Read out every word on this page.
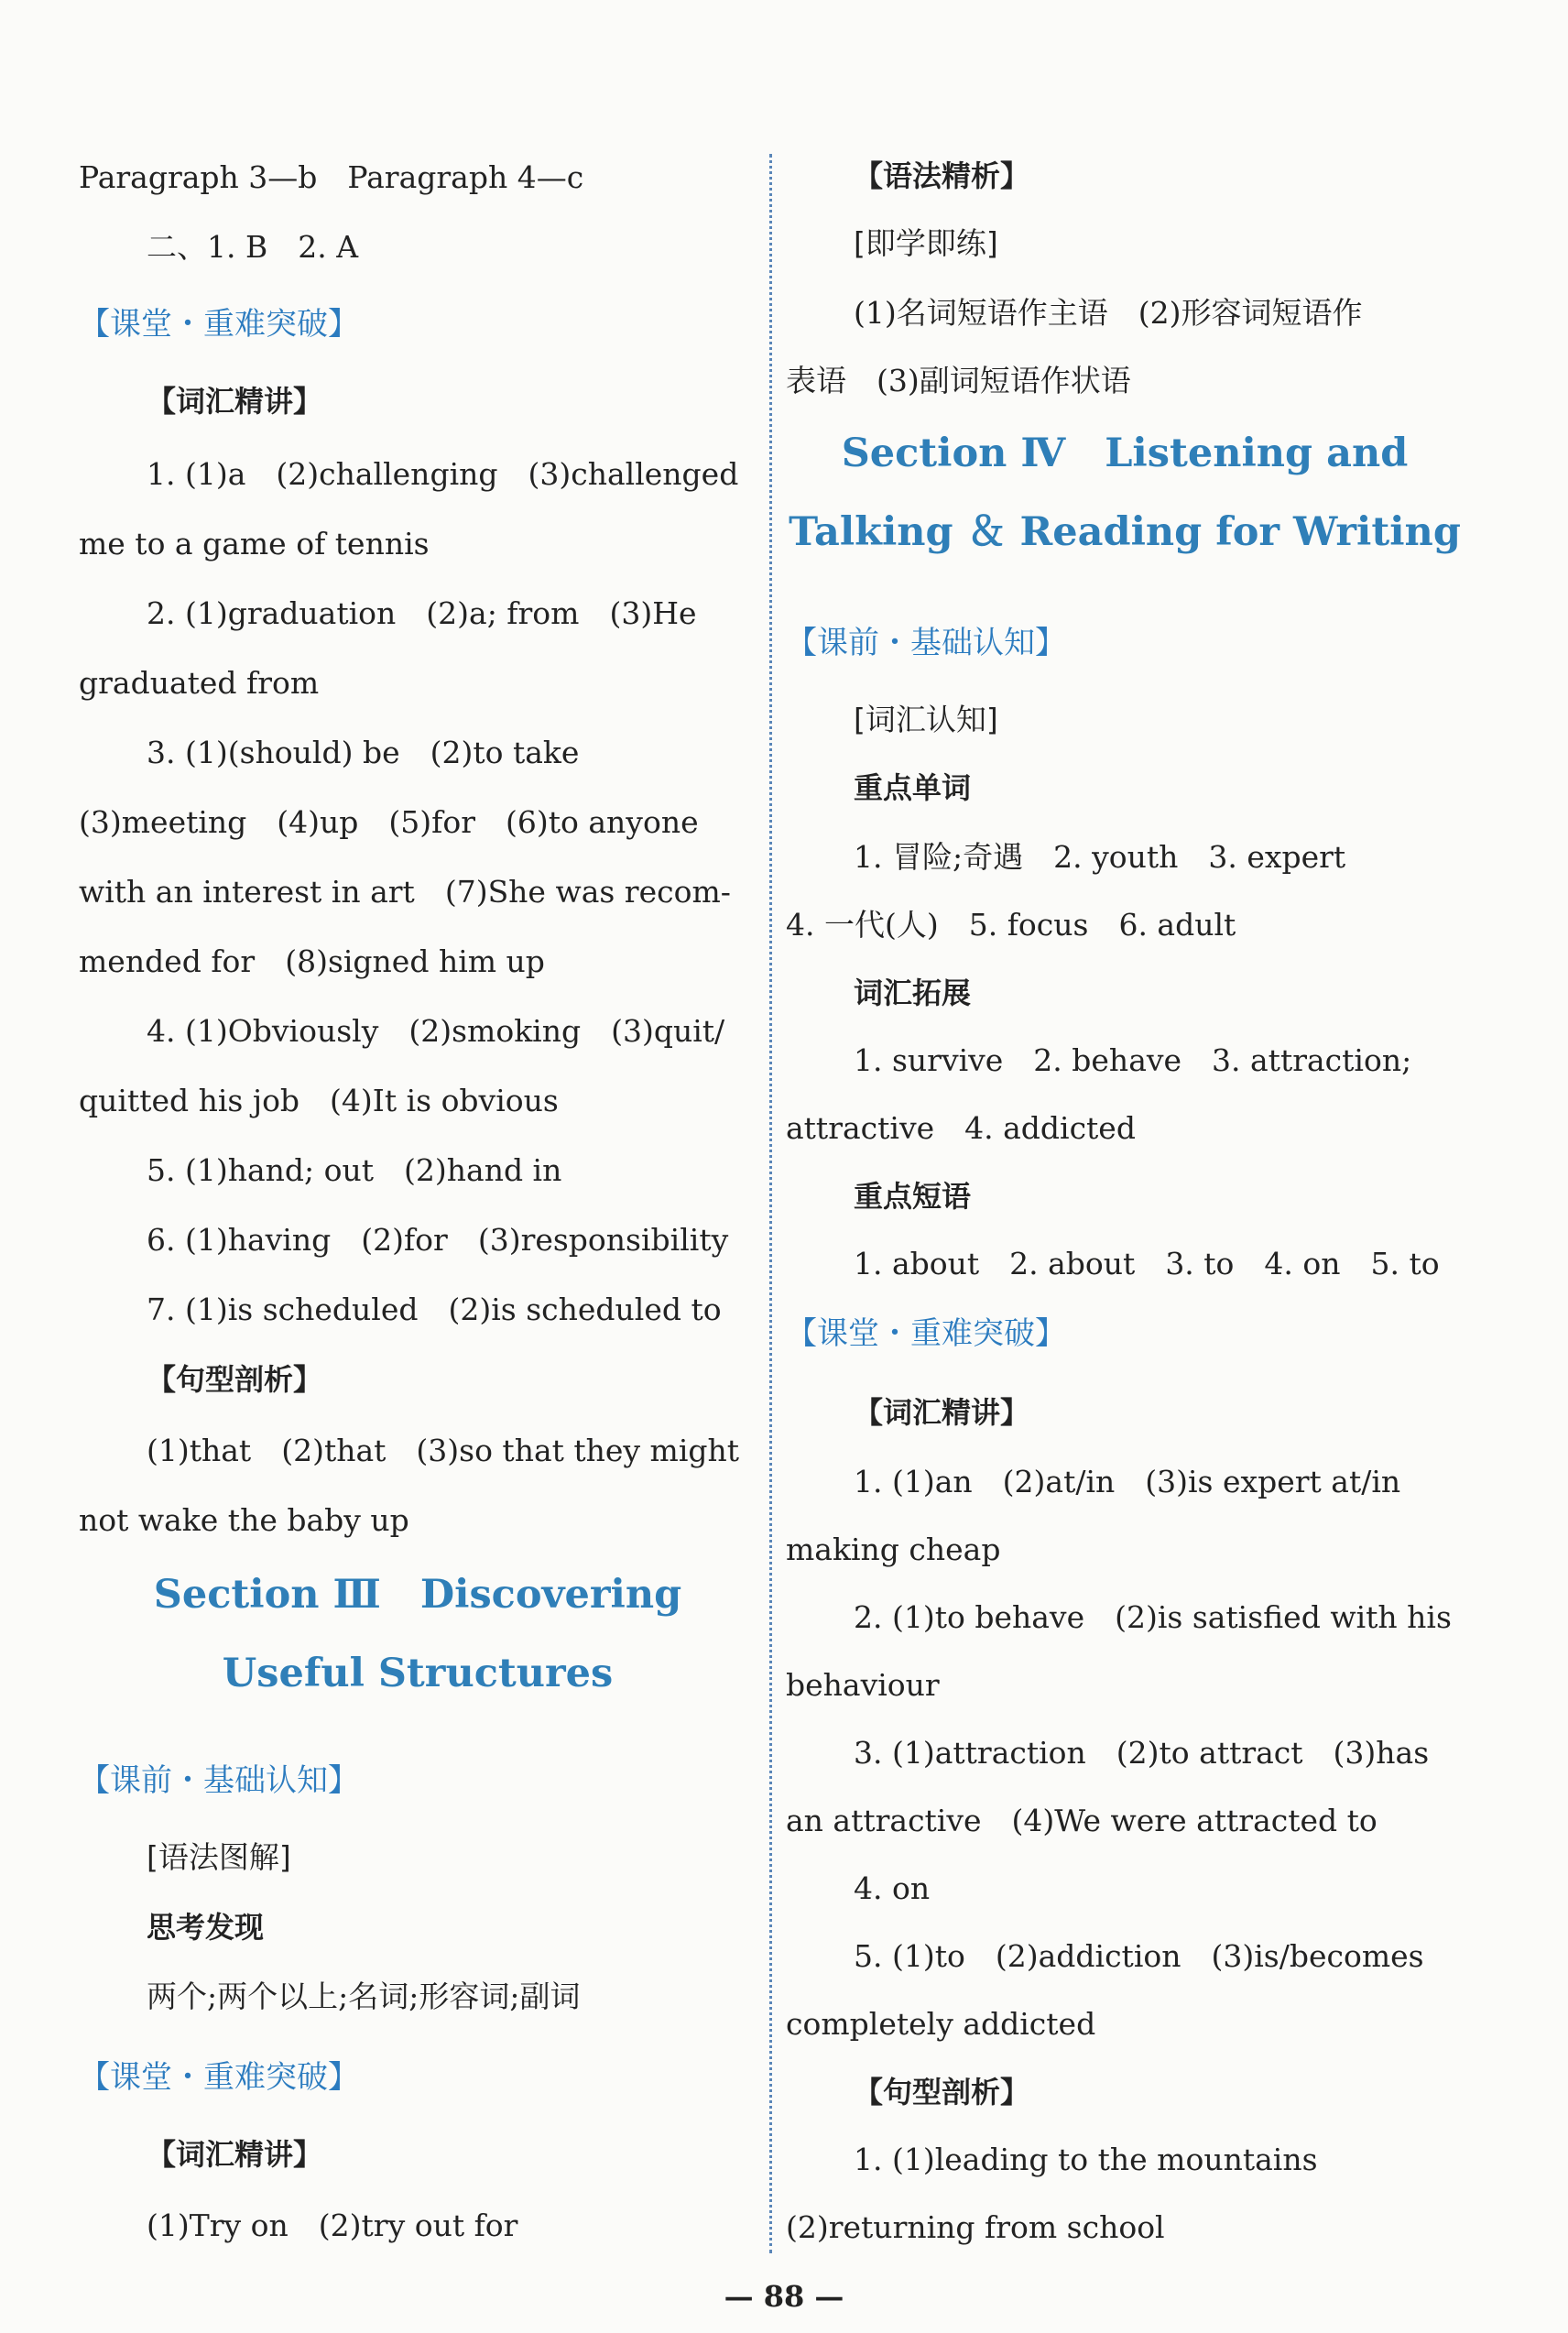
Paragraph 3—b　Paragraph 4—c
二、1. B　2. A
【课堂・重难突破】
【词汇精讲】
1. (1)a　(2)challenging　(3)challenged
me to a game of tennis
2. (1)graduation　(2)a; from　(3)He
graduated from
3. (1)(should) be　(2)to take
(3)meeting　(4)up　(5)for　(6)to anyone
with an interest in art　(7)She was recom-
mended for　(8)signed him up
4. (1)Obviously　(2)smoking　(3)quit/
quitted his job　(4)It is obvious
5. (1)hand; out　(2)hand in
6. (1)having　(2)for　(3)responsibility
7. (1)is scheduled　(2)is scheduled to
【句型剖析】
(1)that　(2)that　(3)so that they might
not wake the baby up
Section Ⅲ　Discovering
Useful Structures
【课前・基础认知】
[语法图解]
思考发现
两个;两个以上;名词;形容词;副词
【课堂・重难突破】
【词汇精讲】
(1)Try on　(2)try out for
【语法精析】
[即学即练]
(1)名词短语作主语　(2)形容词短语作
表语　(3)副词短语作状语
Section Ⅳ　Listening and
Talking ＆ Reading for Writing
【课前・基础认知】
[词汇认知]
重点单词
1. 冒险;奇遇　2. youth　3. expert
4. 一代(人)　5. focus　6. adult
词汇拓展
1. survive　2. behave　3. attraction;
attractive　4. addicted
重点短语
1. about　2. about　3. to　4. on　5. to
【课堂・重难突破】
【词汇精讲】
1. (1)an　(2)at/in　(3)is expert at/in
making cheap
2. (1)to behave　(2)is satisfied with his
behaviour
3. (1)attraction　(2)to attract　(3)has
an attractive　(4)We were attracted to
4. on
5. (1)to　(2)addiction　(3)is/becomes
completely addicted
【句型剖析】
1. (1)leading to the mountains
(2)returning from school
— 88 —
